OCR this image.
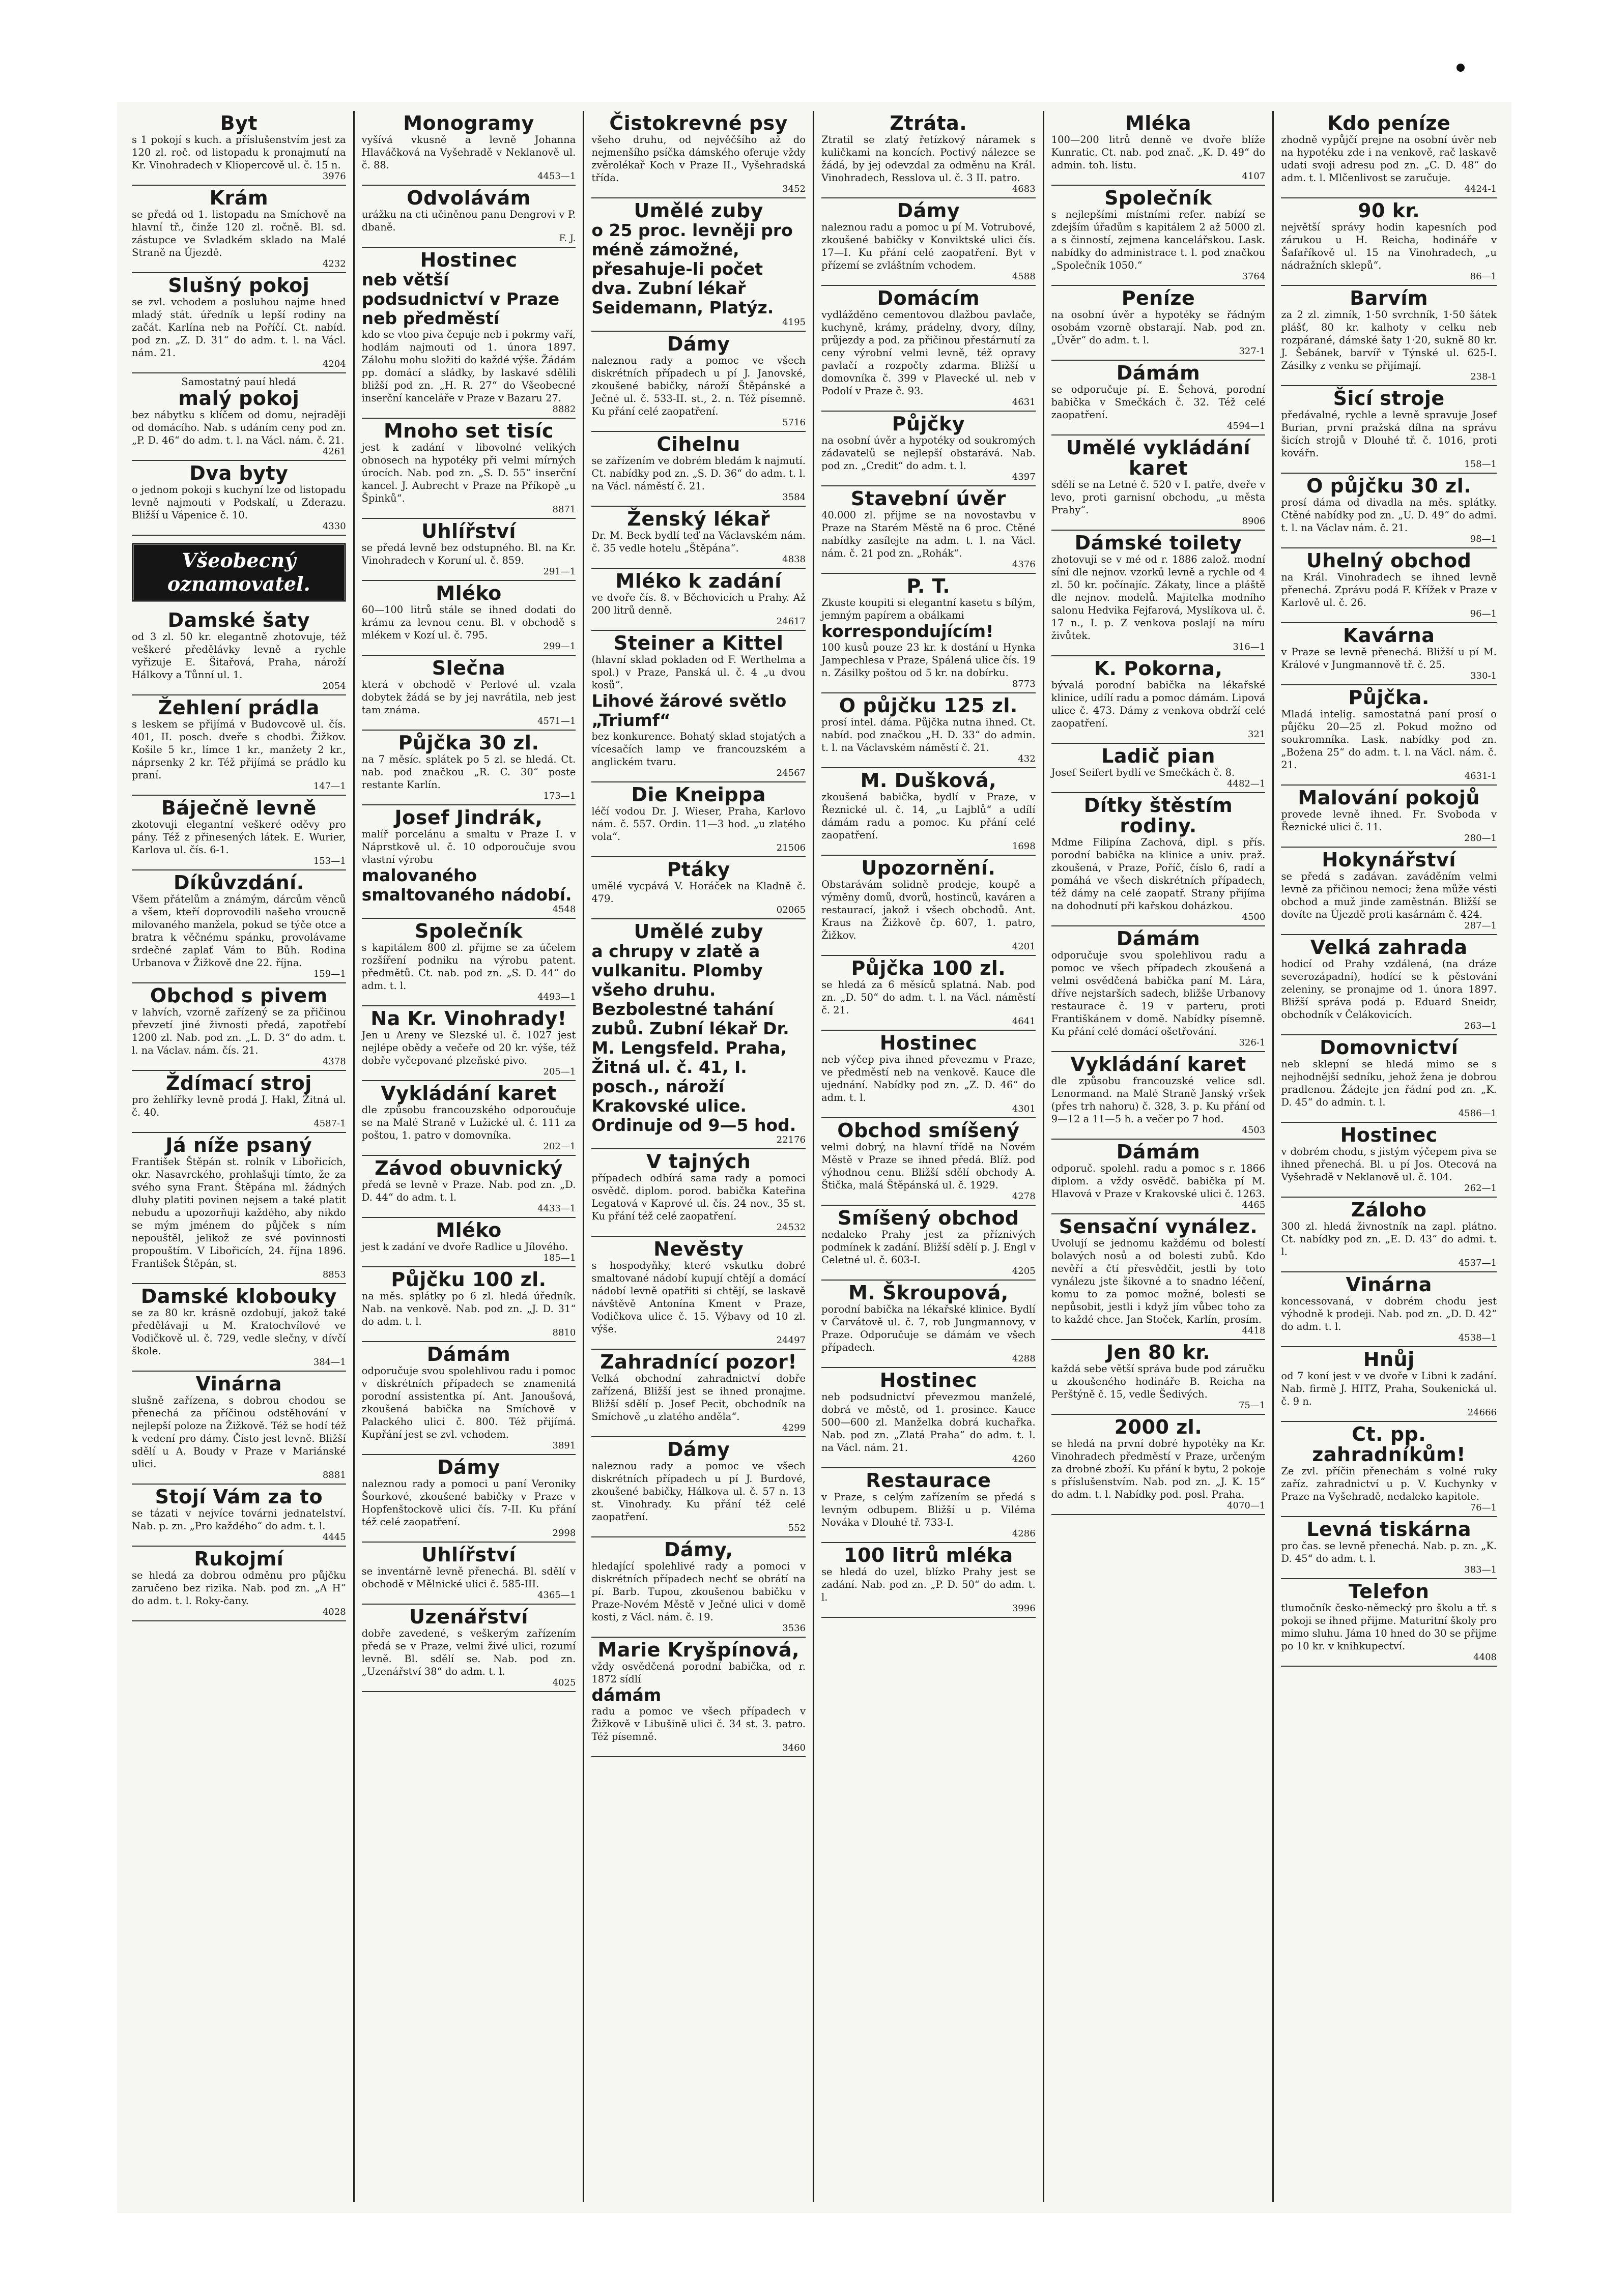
Byt

s 1 pokojí s kuch. a příslušenstvím jest za 120 zl. roč. od listopadu k pronajmutí na Kr. Vinohradech v Kliopercově ul. č. 15 n.

3976

Krám

se předá od 1. listopadu na Smíchově na hlavní tř., činže 120 zl. ročně. Bl. sd. zástupce ve Svladkém sklado na Malé Straně na Újezdě.

4232

Slušný pokoj

se zvl. vchodem a posluhou najme hned mladý stát. úředník u lepší rodiny na začát. Karlína neb na Poříčí. Ct. nabíd. pod zn. „Z. D. 31“ do adm. t. l. na Václ. nám. 21.

4204

Samostatný pauí hledá

malý pokoj

bez nábytku s klíčem od domu, nejraději od domácího. Nab. s udáním ceny pod zn. „P. D. 46“ do adm. t. l. na Václ. nám. č. 21.

4261

Dva byty

o jednom pokoji s kuchyní lze od listopadu levně najmouti v Podskalí, u Zderazu. Bližší u Vápenice č. 10.

4330

Všeobecný oznamovatel.
Damské šaty

od 3 zl. 50 kr. elegantně zhotovuje, též veškeré předělávky levně a rychle vyřizuje E. Šitařová, Praha, nároží Hálkovy a Tůnní ul. 1.

2054

Žehlení prádla

s leskem se přijímá v Budovcově ul. čís. 401, II. posch. dveře s chodbi. Žižkov. Košile 5 kr., límce 1 kr., manžety 2 kr., náprsenky 2 kr. Též přijímá se prádlo ku praní.

147—1

Báječně levně

zkotovuji elegantní veškeré oděvy pro pány. Též z přinesených látek. E. Wurier, Karlova ul. čís. 6-1.

153—1

Díkůvzdání.

Všem přátelům a známým, dárcům věnců a všem, kteří doprovodili našeho vroucně milovaného manžela, pokud se týče otce a bratra k věčnému spánku, provolávame srdečné zaplať Vám to Bůh. Rodina Urbanova v Žižkově dne 22. října.

159—1

Obchod s pivem

v lahvích, vzorně zařízený se za přičinou převzetí jiné živnosti předá, zapotřebí 1200 zl. Nab. pod zn. „L. D. 3“ do adm. t. l. na Václav. nám. čís. 21.

4378

Ždímací stroj

pro žehlířky levně prodá J. Hakl, Žitná ul. č. 40.

4587-1

Já níže psaný

František Štěpán st. rolník v Libořicích, okr. Nasavrckého, prohlašuji tímto, že za svého syna Frant. Štěpána ml. žádných dluhy platiti povinen nejsem a také platit nebudu a upozorňuji každého, aby nikdo se mým jménem do půjček s ním nepouštěl, jelikož ze své povinnosti propouštím. V Libořicích, 24. října 1896. František Štěpán, st.

8853

Damské klobouky

se za 80 kr. krásně ozdobují, jakož také předělávají u M. Kratochvílové ve Vodičkově ul. č. 729, vedle slečny, v dívčí škole.

384—1

Vinárna

slušně zařízena, s dobrou chodou se přenechá za příčinou odstěhování v nejlepší poloze na Žižkově. Též se hodí též k vedení pro dámy. Čísto jest levně. Bližší sdělí u A. Boudy v Praze v Mariánské ulici.

8881

Stojí Vám za to

se tázati v nejvíce továrni jednatelství. Nab. p. zn. „Pro každého“ do adm. t. l.

4445

Rukojmí

se hledá za dobrou odměnu pro půjčku zaručeno bez rizika. Nab. pod zn. „A H“ do adm. t. l. Roky-čany.

4028

Monogramy

vyšívá vkusně a levně Johanna Hlaváčková na Vyšehradě v Neklanově ul. č. 88.

4453—1

Odvolávám

urážku na cti učiněnou panu Dengrovi v P. dbaně.

F. J.

Hostinec

neb větší podsudnictví v Praze neb předměstí

kdo se vtoo piva čepuje neb i pokrmy vaří, hodlám najmouti od 1. února 1897. Zálohu mohu složiti do každé výše. Žádám pp. domácí a sládky, by laskavé sdělili bližší pod zn. „H. R. 27“ do Všeobecné inserční kanceláře v Praze v Bazaru 27.

8882

Mnoho set tisíc

jest k zadání v libovolné velikých obnosech na hypotéky při velmi mírných úrocích. Nab. pod zn. „S. D. 55“ inserční kancel. J. Aubrecht v Praze na Příkopě „u Špinků“.

8871

Uhlířství

se předá levně bez odstupného. Bl. na Kr. Vinohradech v Koruní ul. č. 859.

291—1

Mléko

60—100 litrů stále se ihned dodati do krámu za levnou cenu. Bl. v obchodě s mlékem v Kozí ul. č. 795.

299—1

Slečna

která v obchodě v Perlové ul. vzala dobytek žádá se by jej navrátila, neb jest tam známa.

4571—1

Půjčka 30 zl.

na 7 měsíc. splátek po 5 zl. se hledá. Ct. nab. pod značkou „R. C. 30“ poste restante Karlín.

173—1

Josef Jindrák,

malíř porcelánu a smaltu v Praze I. v Náprstkově ul. č. 10 odporoučuje svou vlastní výrobu

malovaného smaltovaného nádobí.

4548

Společník

s kapitálem 800 zl. přijme se za účelem rozšíření podniku na výrobu patent. předmětů. Ct. nab. pod zn. „S. D. 44“ do adm. t. l.

4493—1

Na Kr. Vinohrady!

Jen u Areny ve Slezské ul. č. 1027 jest nejlépe obědy a večeře od 20 kr. výše, též dobře vyčepované plzeňské pivo.

205—1

Vykládání karet

dle způsobu francouzského odporoučuje se na Malé Straně v Lužické ul. č. 111 za poštou, 1. patro v domovníka.

202—1

Závod obuvnický

předá se levně v Praze. Nab. pod zn. „D. D. 44“ do adm. t. l.

4433—1

Mléko

jest k zadání ve dvoře Radlice u Jílového.

185—1

Půjčku 100 zl.

na měs. splátky po 6 zl. hledá úředník. Nab. na venkově. Nab. pod zn. „J. D. 31“ do adm. t. l.

8810

Dámám

odporučuje svou spolehlivou radu i pomoc v diskrétních případech se znamenitá porodní assistentka pí. Ant. Janoušová, zkoušená babička na Smíchově v Palackého ulici č. 800. Též přijímá. Kupřání jest se zvl. vchodem.

3891

Dámy

naleznou rady a pomoci u paní Veroniky Šourkové, zkoušené babičky v Praze v Hopfenštockově ulici čís. 7-II. Ku přání též celé zaopatření.

2998

Uhlířství

se inventárně levně přenechá. Bl. sdělí v obchodě v Mělnické ulici č. 585-III.

4365—1

Uzenářství

dobře zavedené, s veškerým zařízením předá se v Praze, velmi živé ulici, rozumí levně. Bl. sdělí se. Nab. pod zn. „Uzenářství 38“ do adm. t. l.

4025

Čistokrevné psy

všeho druhu, od nejvěčšího až do nejmenšího psíčka dámského oferuje vždy zvěrolékař Koch v Praze II., Vyšehradská třída.

3452

Umělé zuby

o 25 proc. levněji pro méně zámožné, přesahuje-li počet dva. Zubní lékař Seidemann, Platýz.

4195

Dámy

naleznou rady a pomoc ve všech diskrétních případech u pí J. Janovské, zkoušené babičky, nároží Štěpánské a Ječné ul. č. 533-II. st., 2. n. Též písemně. Ku přání celé zaopatření.

5716

Cihelnu

se zařízením ve dobrém bledám k najmutí. Ct. nabídky pod zn. „S. D. 36“ do adm. t. l. na Václ. náměstí č. 21.

3584

Ženský lékař

Dr. M. Beck bydlí teď na Václavském nám. č. 35 vedle hotelu „Štěpána“.

4838

Mléko k zadání

ve dvoře čís. 8. v Běchovicích u Prahy. Až 200 litrů denně.

24617

Steiner a Kittel

(hlavní sklad pokladen od F. Werthelma a spol.) v Praze, Panská ul. č. 4 „u dvou kosů“.

Lihové žárové světlo „Triumf“

bez konkurence. Bohatý sklad stojatých a vícesačích lamp ve francouzském a anglickém tvaru.

24567

Die Kneippa

léčí vodou Dr. J. Wieser, Praha, Karlovo nám. č. 557. Ordin. 11—3 hod. „u zlatého vola“.

21506

Ptáky

umělé vycpává V. Horáček na Kladně č. 479.

02065

Umělé zuby

a chrupy v zlatě a vulkanitu. Plomby všeho druhu. Bezbolestné tahání zubů. Zubní lékař Dr. M. Lengsfeld. Praha, Žitná ul. č. 41, I. posch., nároží Krakovské ulice. Ordinuje od 9—5 hod.

22176

V tajných

případech odbírá sama rady a pomoci osvědč. diplom. porod. babička Kateřina Legatová v Kaprové ul. čís. 24 nov., 35 st. Ku přání též celé zaopatření.

24532

Nevěsty

s hospodyňky, které vskutku dobré smaltované nádobí kupují chtějí a domácí nádobí levně opatřiti si chtějí, se laskavě návštěvě Antonína Kment v Praze, Vodičkova ulice č. 15. Výbavy od 10 zl. výše.

24497

Zahradnící pozor!

Velká obchodní zahradnictví dobře zařízená, Bližší jest se ihned pronajme. Bližší sdělí p. Josef Pecit, obchodník na Smíchově „u zlatého anděla“.

4299

Dámy

naleznou rady a pomoc ve všech diskrétních případech u pí J. Burdové, zkoušené babičky, Hálkova ul. č. 57 n. 13 st. Vinohrady. Ku přání též celé zaopatření.

552

Dámy,

hledající spolehlivé rady a pomoci v diskrétních případech nechť se obrátí na pí. Barb. Tupou, zkoušenou babičku v Praze-Novém Městě v Ječné ulici v domě kosti, z Václ. nám. č. 19.

3536

Marie Kryšpínová,

vždy osvědčená porodní babička, od r. 1872 sídlí

dámám

radu a pomoc ve všech případech v Žižkově v Libušině ulici č. 34 st. 3. patro. Též písemně.

3460

Ztráta.

Ztratil se zlatý řetízkový náramek s kuličkami na koncích. Poctivý nálezce se žádá, by jej odevzdal za odměnu na Král. Vinohradech, Resslova ul. č. 3 II. patro.

4683

Dámy

naleznou radu a pomoc u pí M. Votrubové, zkoušené babičky v Konviktské ulici čís. 17—I. Ku přání celé zaopatření. Byt v přízemí se zvláštním vchodem.

4588

Domácím

vydlážděno cementovou dlažbou pavlače, kuchyně, krámy, prádelny, dvory, dílny, průjezdy a pod. za přičinou přestárnutí za ceny výrobní velmi levně, též opravy pavlačí a rozpočty zdarma. Bližší u domovníka č. 399 v Plavecké ul. neb v Podolí v Praze č. 93.

4631

Půjčky

na osobní úvěr a hypotéky od soukromých zádavatelů se nejlepší obstarává. Nab. pod zn. „Credit“ do adm. t. l.

4397

Stavební úvěr

40.000 zl. přijme se na novostavbu v Praze na Starém Městě na 6 proc. Ctěné nabídky zasílejte na adm. t. l. na Václ. nám. č. 21 pod zn. „Rohák“.

4376

P. T.

Zkuste koupiti si elegantní kasetu s bílým, jemným papírem a obálkami

korrespondujícím!

100 kusů pouze 23 kr. k dostání u Hynka Jampechlesa v Praze, Spálená ulice čís. 19 n. Zásilky poštou od 5 kr. na dobírku.

8773

O půjčku 125 zl.

prosí intel. dáma. Půjčka nutna ihned. Ct. nabíd. pod značkou „H. D. 33“ do admin. t. l. na Václavském náměstí č. 21.

432

M. Dušková,

zkoušená babička, bydlí v Praze, v Řeznické ul. č. 14, „u Lajblů“ a udílí dámám radu a pomoc. Ku přání celé zaopatření.

1698

Upozornění.

Obstarávám solidně prodeje, koupě a výměny domů, dvorů, hostinců, kaváren a restaurací, jakož i všech obchodů. Ant. Kraus na Žižkově čp. 607, 1. patro, Žižkov.

4201

Půjčka 100 zl.

se hledá za 6 měsíců splatná. Nab. pod zn. „D. 50“ do adm. t. l. na Václ. náměstí č. 21.

4641

Hostinec

neb výčep piva ihned převezmu v Praze, ve předměstí neb na venkově. Kauce dle ujednání. Nabídky pod zn. „Z. D. 46“ do adm. t. l.

4301

Obchod smíšený

velmi dobrý, na hlavní třídě na Novém Městě v Praze se ihned předá. Blíž. pod výhodnou cenu. Bližší sdělí obchody A. Štička, malá Štěpánská ul. č. 1929.

4278

Smíšený obchod

nedaleko Prahy jest za příznivých podmínek k zadání. Bližší sdělí p. J. Engl v Celetné ul. č. 603-I.

4205

M. Škroupová,

porodní babička na lékařské klinice. Bydlí v Čarvátově ul. č. 7, rob Jungmannovy, v Praze. Odporučuje se dámám ve všech případech.

4288

Hostinec

neb podsudnictví převezmou manželé, dobrá ve městě, od 1. prosince. Kauce 500—600 zl. Manželka dobrá kuchařka. Nab. pod zn. „Zlatá Praha“ do adm. t. l. na Václ. nám. 21.

4260

Restaurace

v Praze, s celým zařízením se předá s levným odbupem. Bližší u p. Viléma Nováka v Dlouhé tř. 733-I.

4286

100 litrů mléka

se hledá do uzel, blízko Prahy jest se zadání. Nab. pod zn. „P. D. 50“ do adm. t. l.

3996

Mléka

100—200 litrů denně ve dvoře blíže Kunratic. Ct. nab. pod znač. „K. D. 49“ do admin. toh. listu.

4107

Společník

s nejlepšími místními refer. nabízí se zdejším úřadům s kapitálem 2 až 5000 zl. a s činností, zejmena kancelářskou. Lask. nabídky do administrace t. l. pod značkou „Společník 1050.“

3764

Peníze

na osobní úvěr a hypotéky se řádným osobám vzorně obstarají. Nab. pod zn. „Úvěr“ do adm. t. l.

327-1

Dámám

se odporučuje pí. E. Šehová, porodní babička v Smečkách č. 32. Též celé zaopatření.

4594—1

Umělé vykládání karet

sdělí se na Letné č. 520 v I. patře, dveře v levo, proti garnisní obchodu, „u města Prahy“.

8906

Dámské toilety

zhotovuji se v mé od r. 1886 založ. modní síni dle nejnov. vzorků levně a rychle od 4 zl. 50 kr. počínajíc. Zákaty, lince a pláště dle nejnov. modelů. Majitelka modního salonu Hedvika Fejfarová, Myslíkova ul. č. 17 n., I. p. Z venkova poslají na míru živůtek.

316—1

K. Pokorna,

bývalá porodní babička na lékařské klinice, udílí radu a pomoc dámám. Lipová ulice č. 473. Dámy z venkova obdrží celé zaopatření.

321

Ladič pian

Josef Seifert bydlí ve Smečkách č. 8.

4482—1

Dítky štěstím rodiny.

Mdme Filipína Zachová, dipl. s přís. porodní babička na klinice a univ. praž. zkoušená, v Praze, Poříč, číslo 6, radí a pomáhá ve všech diskrétních případech, též dámy na celé zaopatř. Strany přijíma na dohodnutí při kařskou doházkou.

4500

Dámám

odporučuje svou spolehlivou radu a pomoc ve všech případech zkoušená a velmi osvědčená babička paní M. Lára, dříve nejstarších sadech, bližše Urbanovy restaurace č. 19 v parteru, proti Františkánem v domě. Nabídky písemně. Ku přání celé domácí ošetřování.

326-1

Vykládání karet

dle způsobu francouzské velice sdl. Lenormand. na Malé Straně Janský vršek (přes trh nahoru) č. 328, 3. p. Ku přání od 9—12 a 11—5 h. a večer po 7 hod.

4503

Dámám

odporuč. spolehl. radu a pomoc s r. 1866 diplom. a vždy osvědč. babička pí M. Hlavová v Praze v Krakovské ulici č. 1263.

4465

Sensační vynález.

Uvolují se jednomu každému od bolestí bolavých nosů a od bolesti zubů. Kdo nevěří a čtí přesvědčit, jestli by toto vynálezu jste šikovné a to snadno léčení, komu to za pomoc možné, bolesti se nepůsobit, jestli i když jím vůbec toho za to každé chce. Jan Stoček, Karlín, prosím.

4418

Jen 80 kr.

každá sebe větší správa bude pod záručku u zkoušeného hodináře B. Reicha na Perštýně č. 15, vedle Šedivých.

75—1

2000 zl.

se hledá na první dobré hypotéky na Kr. Vinohradech předměstí v Praze, určeným za drobné zboží. Ku přání k bytu, 2 pokoje s příslušenstvím. Nab. pod zn. „J. K. 15“ do adm. t. l. Nabídky pod. posl. Praha.

4070—1

Kdo peníze

zhodně vypůjčí prejne na osobní úvěr neb na hypotéku zde i na venkově, rač laskavě udati svoji adresu pod zn. „C. D. 48“ do adm. t. l. Mlčenlivost se zaručuje.

4424-1

90 kr.

největší správy hodin kapesních pod zárukou u H. Reicha, hodináře v Šafaříkově ul. 15 na Vinohradech, „u nádražních sklepů“.

86—1

Barvím

za 2 zl. zimník, 1·50 svrchník, 1·50 šátek plášť, 80 kr. kalhoty v celku neb rozpárané, dámské šaty 1·20, sukně 80 kr. J. Šebánek, barvíř v Týnské ul. 625-I. Zásilky z venku se přijímají.

238-1

Šicí stroje

předávalné, rychle a levně spravuje Josef Burian, první pražská dílna na správu šicích strojů v Dlouhé tř. č. 1016, proti kovářn.

158—1

O půjčku 30 zl.

prosí dáma od divadla na měs. splátky. Ctěné nabídky pod zn. „U. D. 49“ do admi. t. l. na Václav nám. č. 21.

98—1

Uhelný obchod

na Král. Vinohradech se ihned levně přenechá. Zprávu podá F. Křížek v Praze v Karlově ul. č. 26.

96—1

Kavárna

v Praze se levně přenechá. Bližší u pí M. Králové v Jungmannově tř. č. 25.

330-1

Půjčka.

Mladá intelig. samostatná paní prosí o půjčku 20—25 zl. Pokud možno od soukromníka. Lask. nabídky pod zn. „Božena 25“ do adm. t. l. na Václ. nám. č. 21.

4631-1

Malování pokojů

provede levně ihned. Fr. Svoboda v Řeznické ulici č. 11.

280—1

Hokynářství

se předá s zadávan. zaváděním velmi levně za přičinou nemoci; žena může vésti obchod a muž jinde zaměstnán. Bližší se dovíte na Újezdě proti kasárnám č. 424.

287—1

Velká zahrada

hodicí od Prahy vzdálená, (na dráze severozápadní), hodící se k pěstování zeleniny, se pronajme od 1. února 1897. Bližší správa podá p. Eduard Sneidr, obchodník v Čelákovicích.

263—1

Domovnictví

neb sklepní se hledá mimo se s nejhodnější sedníku, jehož žena je dobrou pradlenou. Žádejte jen řádní pod zn. „K. D. 45“ do admin. t. l.

4586—1

Hostinec

v dobrém chodu, s jistým výčepem piva se ihned přenechá. Bl. u pí Jos. Otecová na Vyšehradě v Neklanově ul. č. 104.

262—1

Záloho

300 zl. hledá živnostník na zapl. plátno. Ct. nabídky pod zn. „E. D. 43“ do admi. t. l.

4537—1

Vinárna

koncessovaná, v dobrém chodu jest výhodně k prodeji. Nab. pod zn. „D. D. 42“ do adm. t. l.

4538—1

Hnůj

od 7 koní jest v ve dvoře v Libni k zadání. Nab. firmě J. HITZ, Praha, Soukenická ul. č. 9 n.

24666

Ct. pp. zahradníkům!

Ze zvl. příčin přenechám s volné ruky zaříz. zahradnictví u p. V. Kuchynky v Praze na Vyšehradě, nedaleko kapitole.

76—1

Levná tiskárna

pro čas. se levně přenechá. Nab. p. zn. „K. D. 45“ do adm. t. l.

383—1

Telefon

tlumočník česko-německý pro školu a tř. s pokoji se ihned přijme. Maturitní školy pro mimo sluhu. Jáma 10 hned do 30 se přijme po 10 kr. v knihkupectví.

4408
